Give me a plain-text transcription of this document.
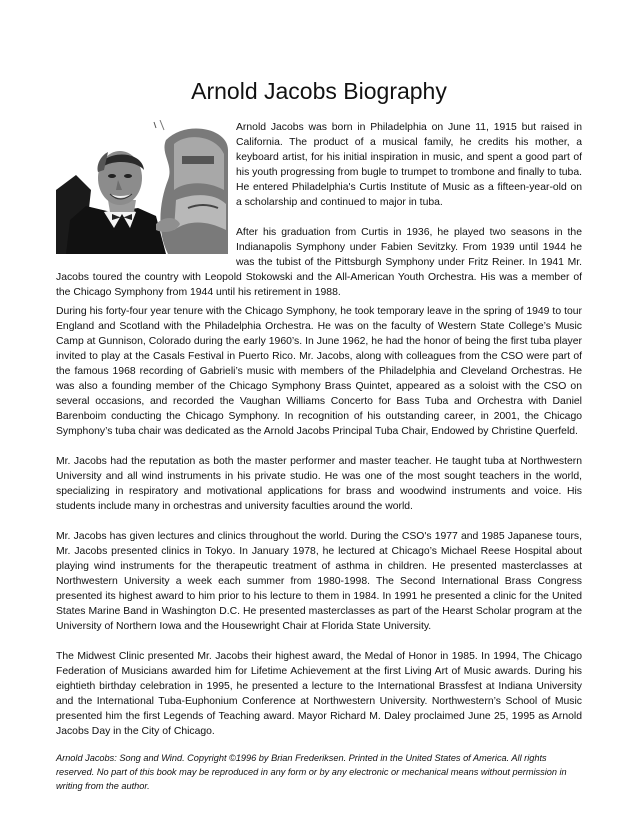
Arnold Jacobs Biography

Arnold Jacobs was born in Philadelphia on June 11, 1915 but raised in California. The product of a musical family, he credits his mother, a keyboard artist, for his initial inspiration in music, and spent a good part of his youth progressing from bugle to trumpet to trombone and finally to tuba. He entered Philadelphia's Curtis Institute of Music as a fifteen-year-old on a scholarship and continued to major in tuba.

After his graduation from Curtis in 1936, he played two seasons in the Indianapolis Symphony under Fabien Sevitzky. From 1939 until 1944 he was the tubist of the Pittsburgh Symphony under Fritz Reiner. In 1941 Mr. Jacobs toured the country with Leopold Stokowski and the All-American Youth Orchestra. His was a member of the Chicago Symphony from 1944 until his retirement in 1988.

During his forty-four year tenure with the Chicago Symphony, he took temporary leave in the spring of 1949 to tour England and Scotland with the Philadelphia Orchestra. He was on the faculty of Western State College’s Music Camp at Gunnison, Colorado during the early 1960’s. In June 1962, he had the honor of being the first tuba player invited to play at the Casals Festival in Puerto Rico. Mr. Jacobs, along with colleagues from the CSO were part of the famous 1968 recording of Gabrieli’s music with members of the Philadelphia and Cleveland Orchestras. He was also a founding member of the Chicago Symphony Brass Quintet, appeared as a soloist with the CSO on several occasions, and recorded the Vaughan Williams Concerto for Bass Tuba and Orchestra with Daniel Barenboim conducting the Chicago Symphony. In recognition of his outstanding career, in 2001, the Chicago Symphony’s tuba chair was dedicated as the Arnold Jacobs Principal Tuba Chair, Endowed by Christine Querfeld.

Mr. Jacobs had the reputation as both the master performer and master teacher. He taught tuba at Northwestern University and all wind instruments in his private studio. He was one of the most sought teachers in the world, specializing in respiratory and motivational applications for brass and woodwind instruments and voice. His students include many in orchestras and university faculties around the world.

Mr. Jacobs has given lectures and clinics throughout the world. During the CSO's 1977 and 1985 Japanese tours, Mr. Jacobs presented clinics in Tokyo. In January 1978, he lectured at Chicago’s Michael Reese Hospital about playing wind instruments for the therapeutic treatment of asthma in children. He presented masterclasses at Northwestern University a week each summer from 1980-1998. The Second International Brass Congress presented its highest award to him prior to his lecture to them in 1984. In 1991 he presented a clinic for the United States Marine Band in Washington D.C. He presented masterclasses as part of the Hearst Scholar program at the University of Northern Iowa and the Housewright Chair at Florida State University.

The Midwest Clinic presented Mr. Jacobs their highest award, the Medal of Honor in 1985. In 1994, The Chicago Federation of Musicians awarded him for Lifetime Achievement at the first Living Art of Music awards. During his eightieth birthday celebration in 1995, he presented a lecture to the International Brassfest at Indiana University and the International Tuba-Euphonium Conference at Northwestern University. Northwestern’s School of Music presented him the first Legends of Teaching award. Mayor Richard M. Daley proclaimed June 25, 1995 as Arnold Jacobs Day in the City of Chicago.

Arnold Jacobs: Song and Wind. Copyright ©1996 by Brian Frederiksen. Printed in the United States of America. All rights reserved. No part of this book may be reproduced in any form or by any electronic or mechanical means without permission in writing from the author.
